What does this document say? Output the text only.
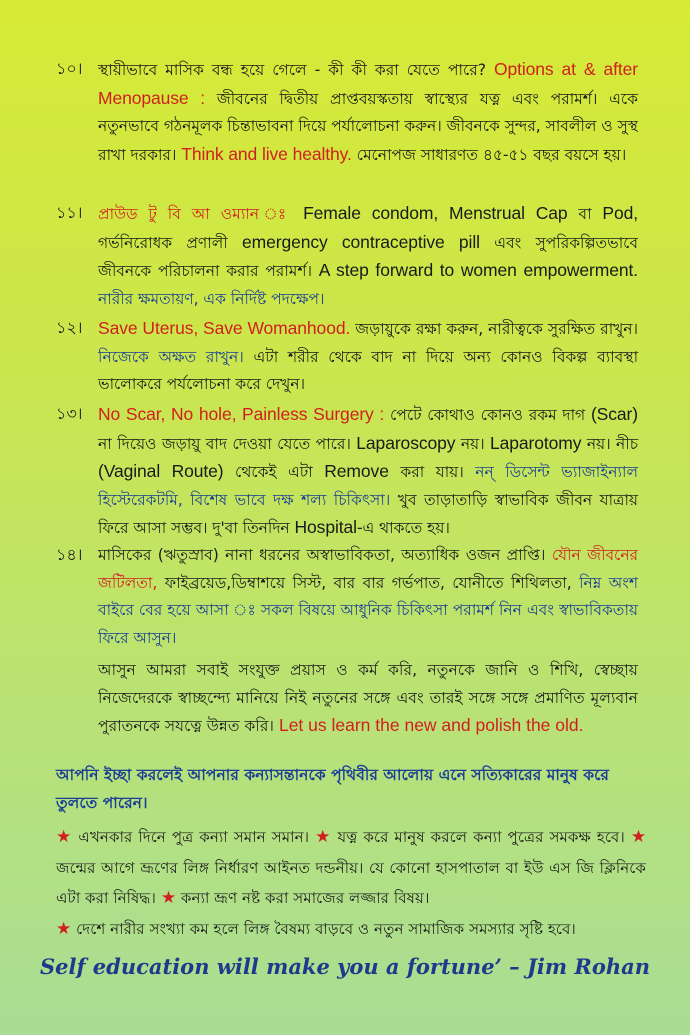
১০। স্থায়ীভাবে মাসিক বন্ধ হয়ে গেলে - কী কী করা যেতে পারে? Options at & after Menopause : জীবনের দ্বিতীয় প্রাপ্তবয়স্কতায় স্বাস্থ্যের যত্ন এবং পরামর্শ। একে নতুনভাবে গঠনমূলক চিন্তাভাবনা দিয়ে পর্যালোচনা করুন। জীবনকে সুন্দর, সাবলীল ও সুস্থ রাখা দরকার। Think and live healthy. মেনোপজ সাধারণত ৪৫-৫১ বছর বয়সে হয়।
১১। প্রাউড টু বি আ ওম্যান ঃ Female condom, Menstrual Cap বা Pod, গর্ভনিরোধক প্রণালী emergency contraceptive pill এবং সুপরিকল্পিতভাবে জীবনকে পরিচালনা করার পরামর্শ। A step forward to women empowerment. নারীর ক্ষমতায়ণ, এক নির্দিষ্ট পদক্ষেপ।
১২। Save Uterus, Save Womanhood. জড়ায়ুকে রক্ষা করুন, নারীত্বকে সুরক্ষিত রাখুন। নিজেকে অক্ষত রাখুন। এটা শরীর থেকে বাদ না দিয়ে অন্য কোনও বিকল্প ব্যাবস্থা ভালোকরে পর্যলোচনা করে দেখুন।
১৩। No Scar, No hole, Painless Surgery : পেটে কোথাও কোনও রকম দাগ (Scar) না দিয়েও জড়ায়ু বাদ দেওয়া যেতে পারে। Laparoscopy নয়। Laparotomy নয়। নীচ (Vaginal Route) থেকেই এটা Remove করা যায়। নন্ ডিসেন্ট ভ্যাজাইন্যাল হিস্টেরেকটমি, বিশেষ ভাবে দক্ষ শল্য চিকিৎসা। খুব তাড়াতাড়ি স্বাভাবিক জীবন যাত্রায় ফিরে আসা সম্ভব। দু'বা তিনদিন Hospital-এ থাকতে হয়।
১৪। মাসিকের (ঋতুস্রাব) নানা ধরনের অস্বাভাবিকতা, অত্যাধিক ওজন প্রাপ্তি। যৌন জীবনের জটিলতা, ফাইব্রয়েড,ডিম্বাশয়ে সিস্ট, বার বার গর্ভপাত, যোনীতে শিথিলতা, নিম্ন অংশ বাইরে বের হয়ে আসা ঃ সকল বিষয়ে আধুনিক চিকিৎসা পরামর্শ নিন এবং স্বাভাবিকতায় ফিরে আসুন।
আসুন আমরা সবাই সংযুক্ত প্রয়াস ও কর্ম করি, নতুনকে জানি ও শিখি, স্বেচ্ছায় নিজেদেরকে স্বাচ্ছন্দ্যে মানিয়ে নিই নতুনের সঙ্গে এবং তারই সঙ্গে সঙ্গে প্রমাণিত মূল্যবান পুরাতনকে সযত্নে উন্নত করি। Let us learn the new and polish the old.
আপনি ইচ্ছা করলেই আপনার কন্যাসন্তানকে পৃথিবীর আলোয় এনে সত্যিকারের মানুষ করে তুলতে পারেন।
★ এখনকার দিনে পুত্র কন্যা সমান সমান। ★ যত্ন করে মানুষ করলে কন্যা পুত্রের সমকক্ষ হবে। ★ জন্মের আগে ভ্রূণের লিঙ্গ নির্ধারণ আইনত দন্ডনীয়। যে কোনো হাসপাতাল বা ইউ এস জি ক্লিনিকে এটা করা নিষিদ্ধ। ★ কন্যা ভ্রূণ নষ্ট করা সমাজের লজ্জার বিষয়।
★ দেশে নারীর সংখ্যা কম হলে লিঙ্গ বৈষম্য বাড়বে ও নতুন সামাজিক সমস্যার সৃষ্টি হবে।
Self education will make you a fortune’ – Jim Rohan
